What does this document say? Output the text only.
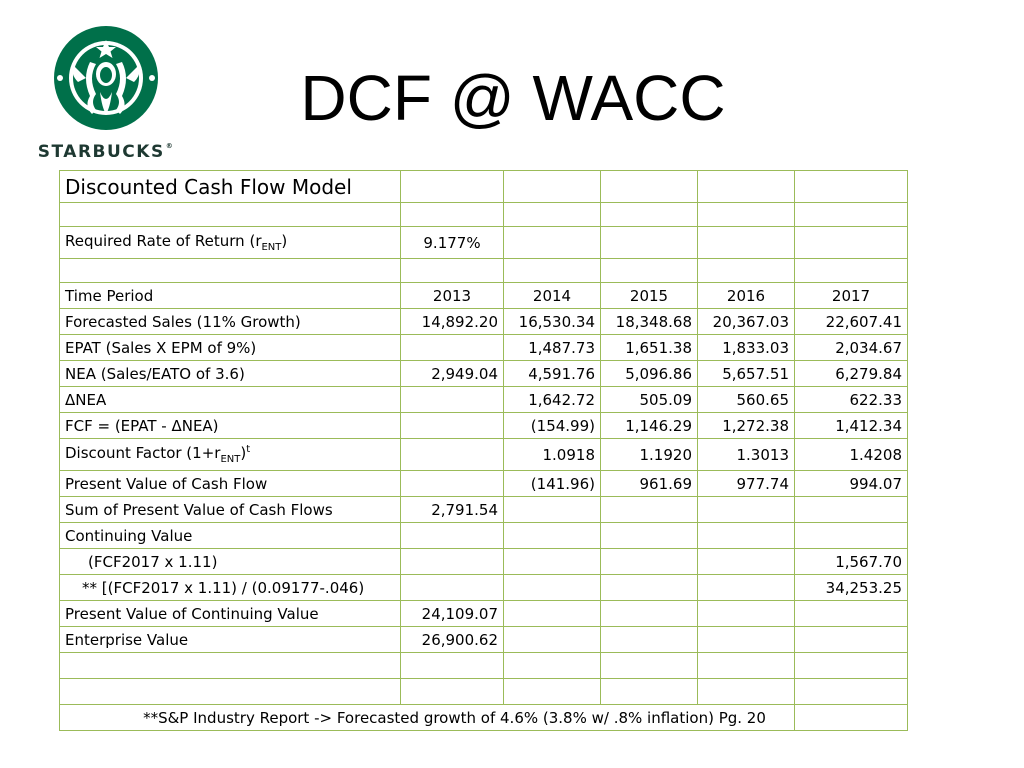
STARBUCKS®
DCF @ WACC
Discounted Cash Flow Model					

Required Rate of Return $(r_{ENT})$	9.177%				

Time Period	2013	2014	2015	2016	2017
Forecasted Sales (11% Growth)	14,892.20	16,530.34	18,348.68	20,367.03	22,607.41
EPAT (Sales X EPM of 9%)		1,487.73	1,651.38	1,833.03	2,034.67
NEA (Sales/EATO of 3.6)	2,949.04	4,591.76	5,096.86	5,657.51	6,279.84
ΔNEA		1,642.72	505.09	560.65	622.33
FCF = (EPAT - ΔNEA)		(154.99)	1,146.29	1,272.38	1,412.34
Discount Factor $(1+r_{ENT})^t$		1.0918	1.1920	1.3013	1.4208
Present Value of Cash Flow		(141.96)	961.69	977.74	994.07
Sum of Present Value of Cash Flows	2,791.54				
Continuing Value					
(FCF2017 x 1.11)					1,567.70
** [(FCF2017 x 1.11) / (0.09177-.046)					34,253.25
Present Value of Continuing Value	24,109.07				
Enterprise Value	26,900.62				

**S&P Industry Report -> Forecasted growth of 4.6% (3.8% w/ .8% inflation) Pg. 20					
